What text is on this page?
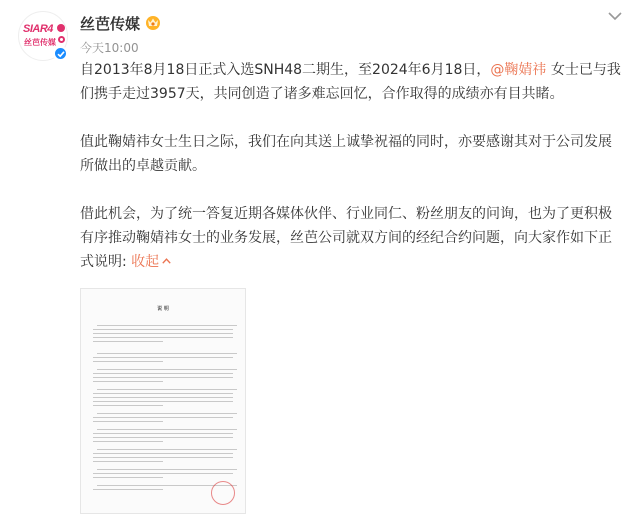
SIAR4
丝芭传媒
丝芭传媒
今天10:00

自2013年8月18日正式入选SNH48二期生，至2024年6月18日，@鞠婧祎 女士已与我们携手走过3957天，共同创造了诸多难忘回忆，合作取得的成绩亦有目共睹。

值此鞠婧祎女士生日之际，我们在向其送上诚挚祝福的同时，亦要感谢其对于公司发展所做出的卓越贡献。

借此机会，为了统一答复近期各媒体伙伴、行业同仁、粉丝朋友的问询，也为了更积极有序推动鞠婧祎女士的业务发展，丝芭公司就双方间的经纪合约问题，向大家作如下正式说明: 收起

说 明
